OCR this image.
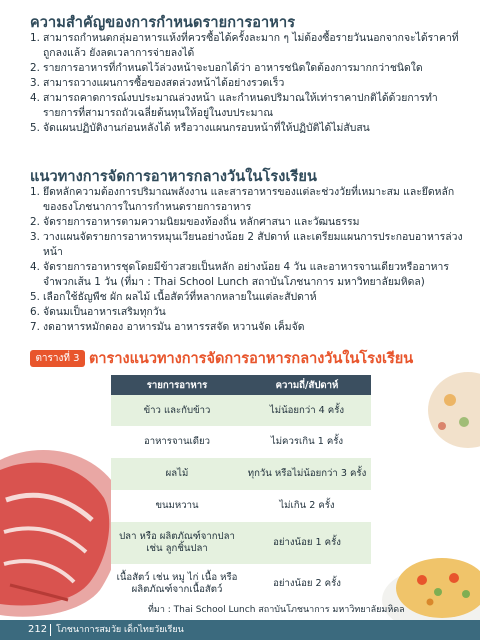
ความสำคัญของการกำหนดรายการอาหาร
1. สามารถกำหนดกลุ่มอาหารแห้งที่ควรซื้อได้ครั้งละมาก ๆ ไม่ต้องซื้อรายวันนอกจากจะได้ราคาที่ถูกลงแล้ว ยังลดเวลาการจ่ายลงได้
2. รายการอาหารที่กำหนดไว้ล่วงหน้าจะบอกได้ว่า อาหารชนิดใดต้องการมากกว่าชนิดใด
3. สามารถวางแผนการซื้อของสดล่วงหน้าได้อย่างรวดเร็ว
4. สามารถคาดการณ์งบประมาณล่วงหน้า และกำหนดปริมาณให้เท่าราคาปกติได้ด้วยการทำรายการที่สามารถถัวเฉลี่ยต้นทุนให้อยู่ในงบประมาณ
5. จัดแผนปฏิบัติงานก่อนหลังได้ หรือวางแผนกรอบหน้าที่ให้ปฏิบัติได้ไม่สับสน
แนวทางการจัดการอาหารกลางวันในโรงเรียน
1. ยึดหลักความต้องการปริมาณพลังงาน และสารอาหารของแต่ละช่วงวัยที่เหมาะสม และยึดหลักของธงโภชนาการในการกำหนดรายการอาหาร
2. จัดรายการอาหารตามความนิยมของท้องถิ่น หลักศาสนา และวัฒนธรรม
3. วางแผนจัดรายการอาหารหมุนเวียนอย่างน้อย 2 สัปดาห์ และเตรียมแผนการประกอบอาหารล่วงหน้า
4. จัดรายการอาหารชุดโดยมีข้าวสวยเป็นหลัก อย่างน้อย 4 วัน และอาหารจานเดียวหรืออาหารจำพวกเส้น 1 วัน (ที่มา : Thai School Lunch สถาบันโภชนาการ มหาวิทยาลัยมหิดล)
5. เลือกใช้ธัญพืช ผัก ผลไม้ เนื้อสัตว์ที่หลากหลายในแต่ละสัปดาห์
6. จัดนมเป็นอาหารเสริมทุกวัน
7. งดอาหารหมักดอง อาหารมัน อาหารรสจัด หวานจัด เค็มจัด
ตารางที่ 3 ตารางแนวทางการจัดการอาหารกลางวันในโรงเรียน
รายการอาหาร	ความถี่/สัปดาห์
ข้าว และกับข้าว	ไม่น้อยกว่า 4 ครั้ง
อาหารจานเดียว	ไม่ควรเกิน 1 ครั้ง
ผลไม้	ทุกวัน หรือไม่น้อยกว่า 3 ครั้ง
ขนมหวาน	ไม่เกิน 2 ครั้ง
ปลา หรือ ผลิตภัณฑ์จากปลา เช่น ลูกชิ้นปลา	อย่างน้อย 1 ครั้ง
เนื้อสัตว์ เช่น หมู ไก่ เนื้อ หรือ ผลิตภัณฑ์จากเนื้อสัตว์	อย่างน้อย 2 ครั้ง
ที่มา : Thai School Lunch สถาบันโภชนาการ มหาวิทยาลัยมหิดล
212 โภชนาการสมวัย เด็กไทยวัยเรียน
